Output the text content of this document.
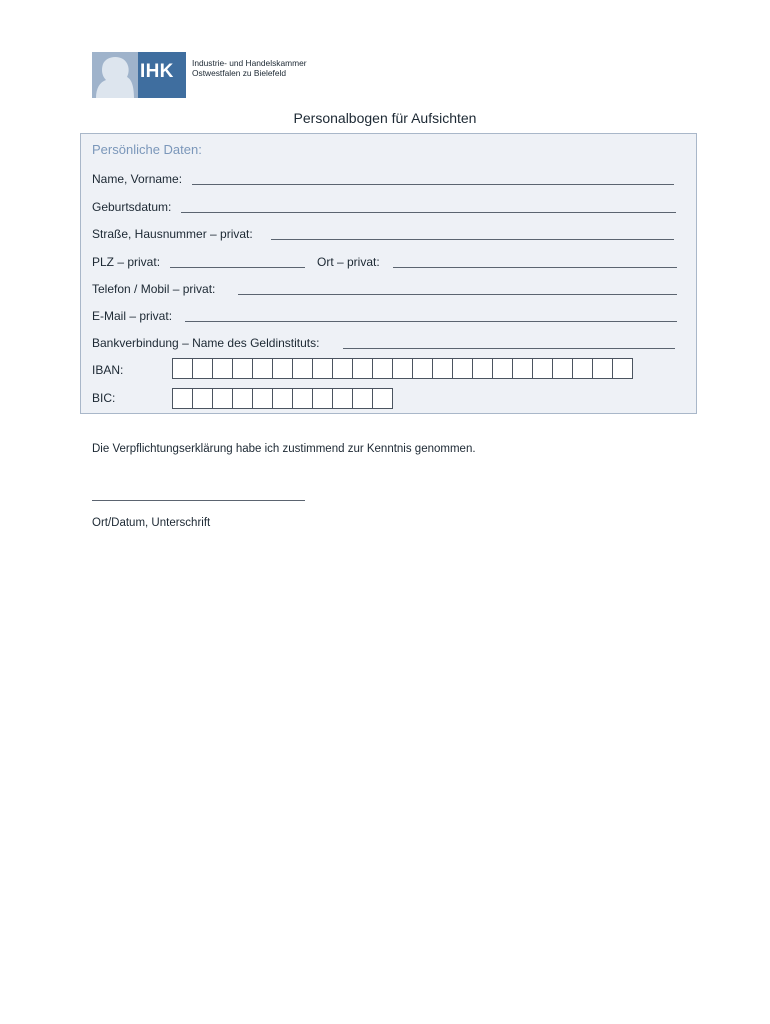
IHK Industrie- und Handelskammer
Ostwestfalen zu Bielefeld
Personalbogen für Aufsichten
Persönliche Daten:
Name, Vorname:
Geburtsdatum:
Straße, Hausnummer – privat:
PLZ – privat:	Ort – privat:
Telefon / Mobil – privat:
E-Mail – privat:
Bankverbindung – Name des Geldinstituts:
IBAN:
BIC:
Die Verpflichtungserklärung habe ich zustimmend zur Kenntnis genommen.
Ort/Datum, Unterschrift
